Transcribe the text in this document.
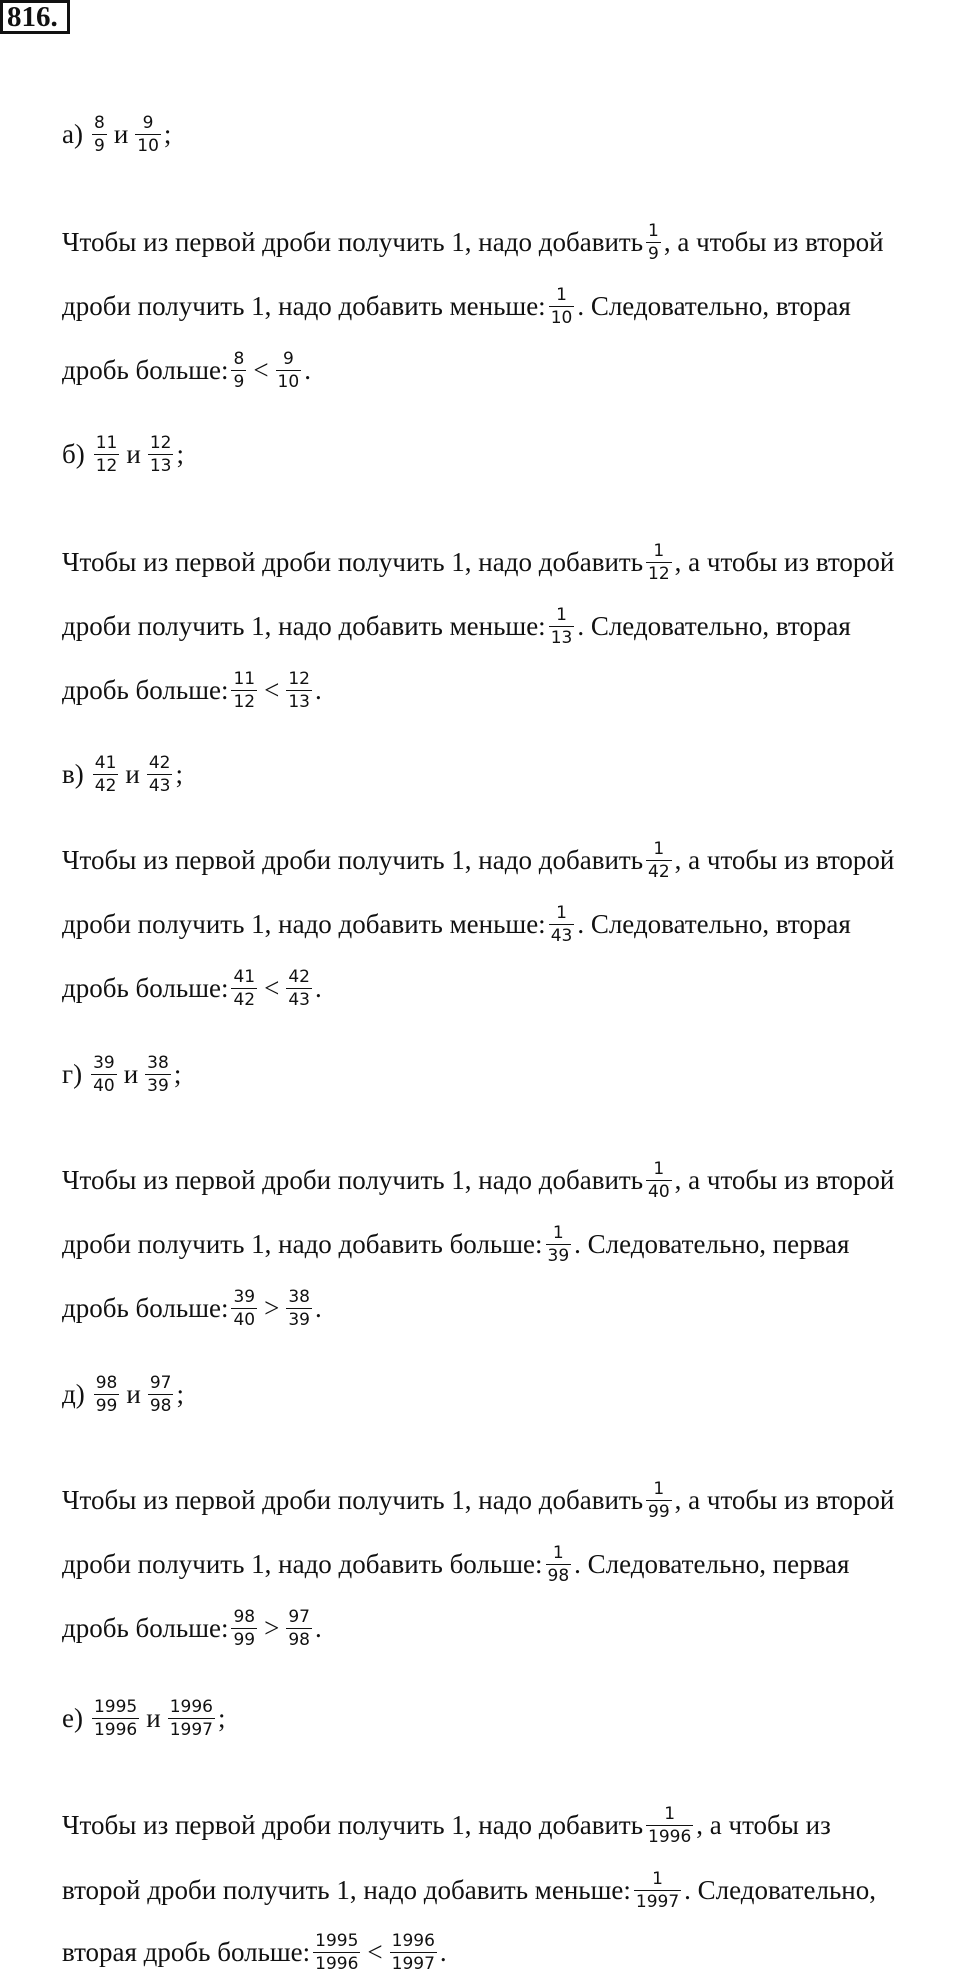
816.
$а) \frac{8}{9}$ и $\frac{9}{10}$ ;
Чтобы из первой дроби получить 1, надо добавить $\frac{1}{9}$ , а чтобы из второй
дроби получить 1, надо добавить меньше: $\frac{1}{10}$ . Следовательно, вторая
дробь больше: $\frac{8}{9} < \frac{9}{10}$ .
$б) \frac{11}{12}$ и $\frac{12}{13}$ ;
Чтобы из первой дроби получить 1, надо добавить $\frac{1}{12}$ , а чтобы из второй
дроби получить 1, надо добавить меньше: $\frac{1}{13}$ . Следовательно, вторая
дробь больше: $\frac{11}{12} < \frac{12}{13}$ .
$в) \frac{41}{42}$ и $\frac{42}{43}$ ;
Чтобы из первой дроби получить 1, надо добавить $\frac{1}{42}$ , а чтобы из второй
дроби получить 1, надо добавить меньше: $\frac{1}{43}$ . Следовательно, вторая
дробь больше: $\frac{41}{42} < \frac{42}{43}$ .
$г) \frac{39}{40}$ и $\frac{38}{39}$ ;
Чтобы из первой дроби получить 1, надо добавить $\frac{1}{40}$ , а чтобы из второй
дроби получить 1, надо добавить больше: $\frac{1}{39}$ . Следовательно, первая
дробь больше: $\frac{39}{40} > \frac{38}{39}$ .
$д) \frac{98}{99}$ и $\frac{97}{98}$ ;
Чтобы из первой дроби получить 1, надо добавить $\frac{1}{99}$ , а чтобы из второй
дроби получить 1, надо добавить больше: $\frac{1}{98}$ . Следовательно, первая
дробь больше: $\frac{98}{99} > \frac{97}{98}$ .
$е) \frac{1995}{1996}$ и $\frac{1996}{1997}$ ;
Чтобы из первой дроби получить 1, надо добавить $\frac{1}{1996}$ , а чтобы из
второй дроби получить 1, надо добавить меньше: $\frac{1}{1997}$ . Следовательно,
вторая дробь больше: $\frac{1995}{1996} < \frac{1996}{1997}$ .
